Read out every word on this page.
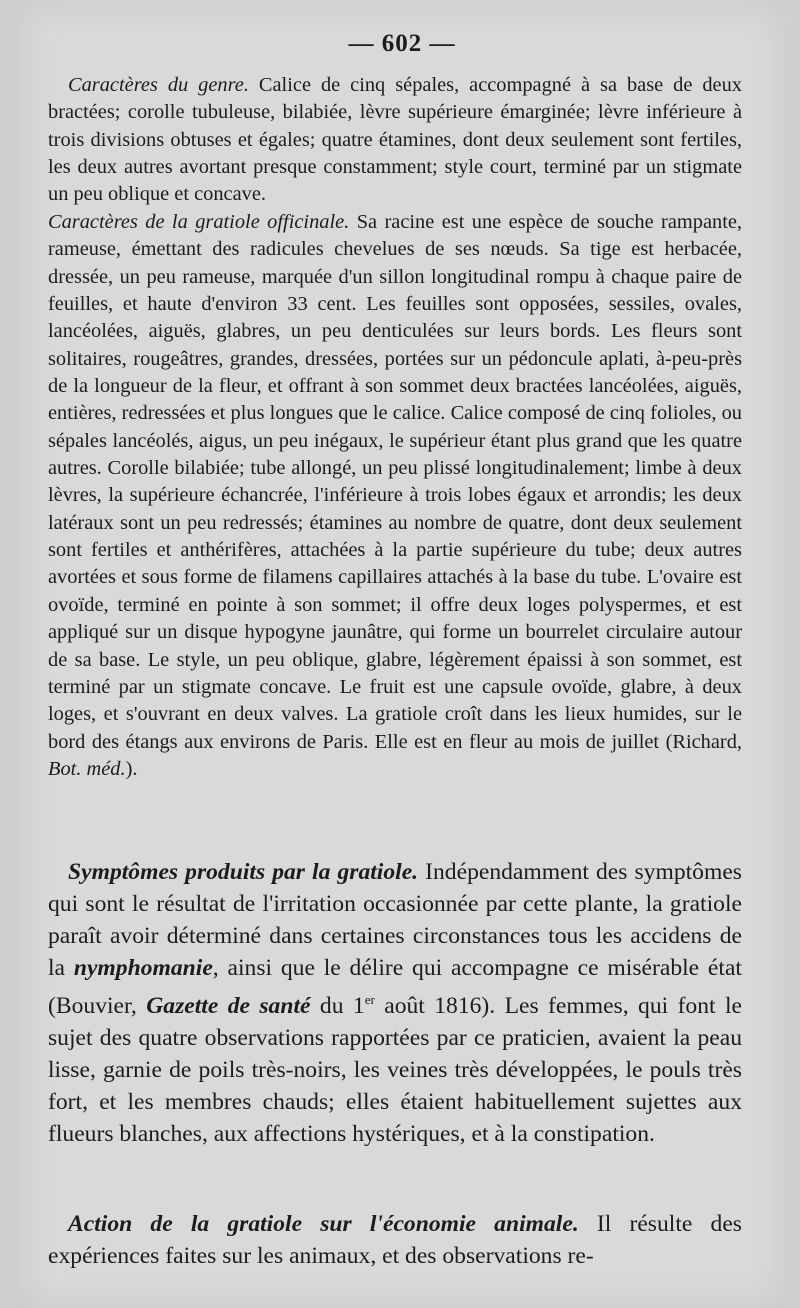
— 602 —

Caractères du genre. Calice de cinq sépales, accompagné à sa base de deux bractées; corolle tubuleuse, bilabiée, lèvre supérieure émarginée; lèvre inférieure à trois divisions obtuses et égales; quatre étamines, dont deux seulement sont fertiles, les deux autres avortant presque constamment; style court, terminé par un stigmate un peu oblique et concave.

Caractères de la gratiole officinale. Sa racine est une espèce de souche rampante, rameuse, émettant des radicules chevelues de ses nœuds. Sa tige est herbacée, dressée, un peu rameuse, marquée d'un sillon longitudinal rompu à chaque paire de feuilles, et haute d'environ 33 cent. Les feuilles sont opposées, sessiles, ovales, lancéolées, aiguës, glabres, un peu denticulées sur leurs bords. Les fleurs sont solitaires, rougeâtres, grandes, dressées, portées sur un pédoncule aplati, à-peu-près de la longueur de la fleur, et offrant à son sommet deux bractées lancéolées, aiguës, entières, redressées et plus longues que le calice. Calice composé de cinq folioles, ou sépales lancéolés, aigus, un peu inégaux, le supérieur étant plus grand que les quatre autres. Corolle bilabiée; tube allongé, un peu plissé longitudinalement; limbe à deux lèvres, la supérieure échancrée, l'inférieure à trois lobes égaux et arrondis; les deux latéraux sont un peu redressés; étamines au nombre de quatre, dont deux seulement sont fertiles et anthérifères, attachées à la partie supérieure du tube; deux autres avortées et sous forme de filamens capillaires attachés à la base du tube. L'ovaire est ovoïde, terminé en pointe à son sommet; il offre deux loges polyspermes, et est appliqué sur un disque hypogyne jaunâtre, qui forme un bourrelet circulaire autour de sa base. Le style, un peu oblique, glabre, légèrement épaissi à son sommet, est terminé par un stigmate concave. Le fruit est une capsule ovoïde, glabre, à deux loges, et s'ouvrant en deux valves. La gratiole croît dans les lieux humides, sur le bord des étangs aux environs de Paris. Elle est en fleur au mois de juillet (Richard, Bot. méd.).

Symptômes produits par la gratiole. Indépendamment des symptômes qui sont le résultat de l'irritation occasionnée par cette plante, la gratiole paraît avoir déterminé dans certaines circonstances tous les accidens de la nymphomanie, ainsi que le délire qui accompagne ce misérable état (Bouvier, Gazette de santé du 1er août 1816). Les femmes, qui font le sujet des quatre observations rapportées par ce praticien, avaient la peau lisse, garnie de poils très-noirs, les veines très développées, le pouls très fort, et les membres chauds; elles étaient habituellement sujettes aux flueurs blanches, aux affections hystériques, et à la constipation.

Action de la gratiole sur l'économie animale. Il résulte des expériences faites sur les animaux, et des observations re-
